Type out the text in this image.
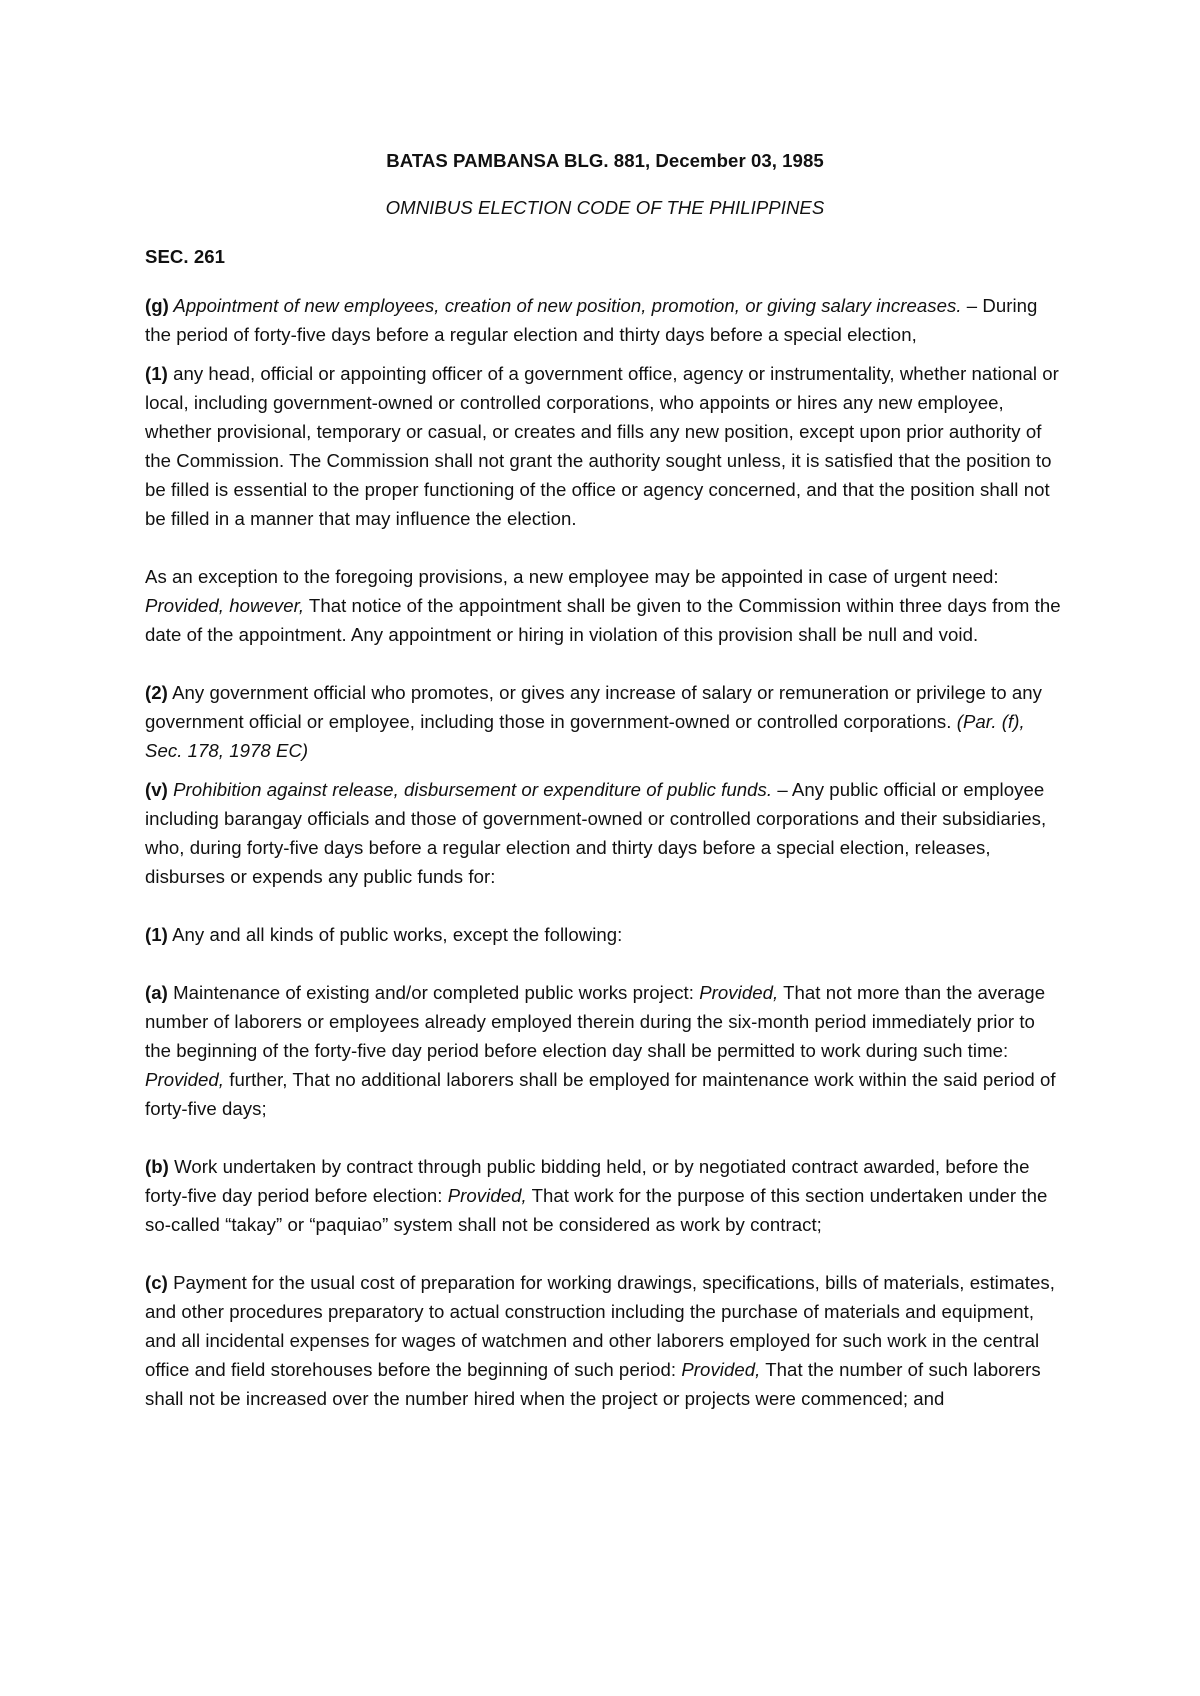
BATAS PAMBANSA BLG. 881, December 03, 1985
OMNIBUS ELECTION CODE OF THE PHILIPPINES
SEC. 261

(g) Appointment of new employees, creation of new position, promotion, or giving salary increases. – During the period of forty-five days before a regular election and thirty days before a special election,

(1) any head, official or appointing officer of a government office, agency or instrumentality, whether national or local, including government-owned or controlled corporations, who appoints or hires any new employee, whether provisional, temporary or casual, or creates and fills any new position, except upon prior authority of the Commission. The Commission shall not grant the authority sought unless, it is satisfied that the position to be filled is essential to the proper functioning of the office or agency concerned, and that the position shall not be filled in a manner that may influence the election.

As an exception to the foregoing provisions, a new employee may be appointed in case of urgent need: Provided, however, That notice of the appointment shall be given to the Commission within three days from the date of the appointment. Any appointment or hiring in violation of this provision shall be null and void.

(2) Any government official who promotes, or gives any increase of salary or remuneration or privilege to any government official or employee, including those in government-owned or controlled corporations. (Par. (f), Sec. 178, 1978 EC)

(v) Prohibition against release, disbursement or expenditure of public funds. – Any public official or employee including barangay officials and those of government-owned or controlled corporations and their subsidiaries, who, during forty-five days before a regular election and thirty days before a special election, releases, disburses or expends any public funds for:

(1) Any and all kinds of public works, except the following:

(a) Maintenance of existing and/or completed public works project: Provided, That not more than the average number of laborers or employees already employed therein during the six-month period immediately prior to the beginning of the forty-five day period before election day shall be permitted to work during such time: Provided, further, That no additional laborers shall be employed for maintenance work within the said period of forty-five days;

(b) Work undertaken by contract through public bidding held, or by negotiated contract awarded, before the forty-five day period before election: Provided, That work for the purpose of this section undertaken under the so-called “takay” or “paquiao” system shall not be considered as work by contract;

(c) Payment for the usual cost of preparation for working drawings, specifications, bills of materials, estimates, and other procedures preparatory to actual construction including the purchase of materials and equipment, and all incidental expenses for wages of watchmen and other laborers employed for such work in the central office and field storehouses before the beginning of such period: Provided, That the number of such laborers shall not be increased over the number hired when the project or projects were commenced; and
